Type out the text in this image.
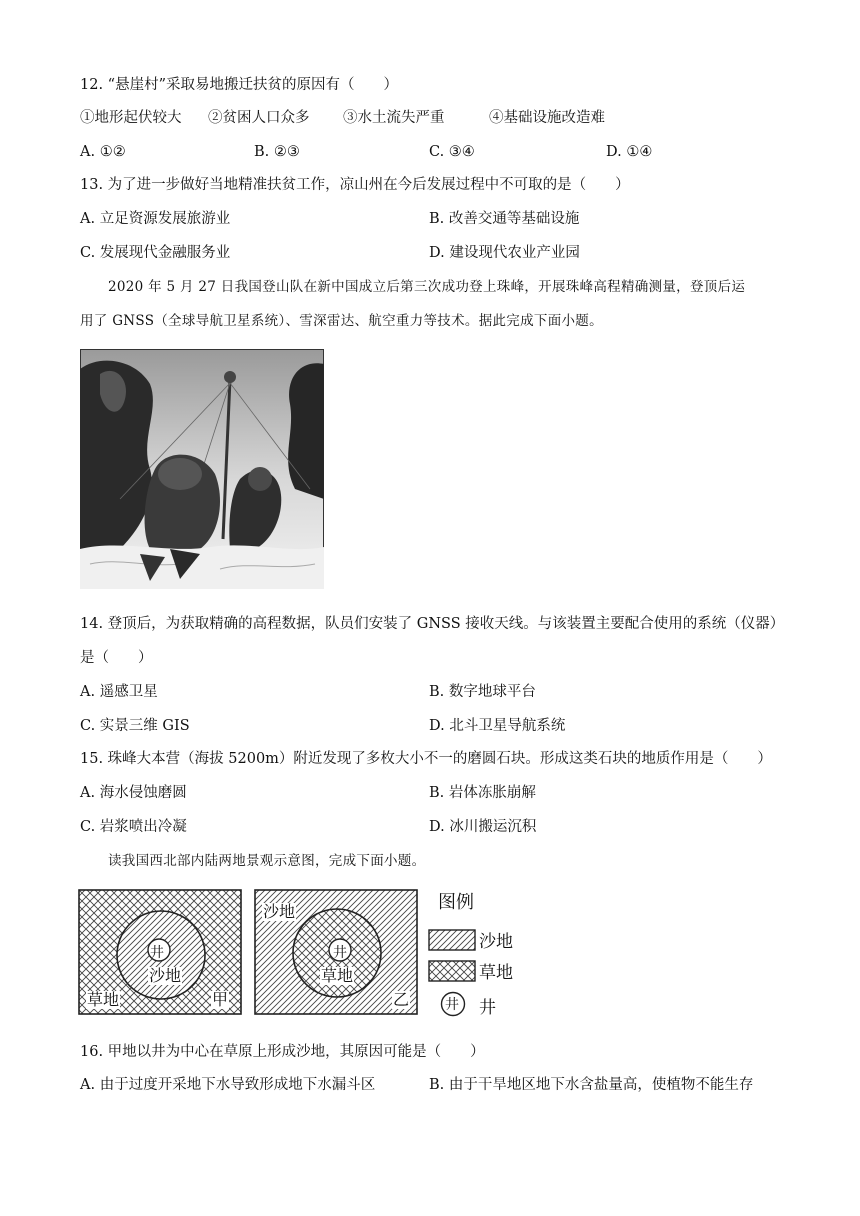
12. “悬崖村”采取易地搬迁扶贫的原因有（　　）
①地形起伏较大 ②贫困人口众多 ③水土流失严重	④基础设施改造难
A. ①②	B. ②③	C. ③④	D. ①④
13. 为了进一步做好当地精准扶贫工作，凉山州在今后发展过程中不可取的是（　　）
A. 立足资源发展旅游业	B. 改善交通等基础设施
C. 发展现代金融服务业	D. 建设现代农业产业园
2020 年 5 月 27 日我国登山队在新中国成立后第三次成功登上珠峰，开展珠峰高程精确测量，登顶后运
用了 GNSS（全球导航卫星系统）、雪深雷达、航空重力等技术。据此完成下面小题。
14. 登顶后，为获取精确的高程数据，队员们安装了 GNSS 接收天线。与该装置主要配合使用的系统（仪器）
是（　　）
A. 遥感卫星	B. 数字地球平台
C. 实景三维 GIS	D. 北斗卫星导航系统
15. 珠峰大本营（海拔 5200m）附近发现了多枚大小不一的磨圆石块。形成这类石块的地质作用是（　　）
A. 海水侵蚀磨圆	B. 岩体冻胀崩解
C. 岩浆喷出冷凝	D. 冰川搬运沉积
读我国西北部内陆两地景观示意图，完成下面小题。
井
沙地
草地	甲
沙地
井
草地
乙
图例
沙地
草地
井 井
16. 甲地以井为中心在草原上形成沙地，其原因可能是（　　）
A. 由于过度开采地下水导致形成地下水漏斗区	B. 由于干旱地区地下水含盐量高，使植物不能生存
